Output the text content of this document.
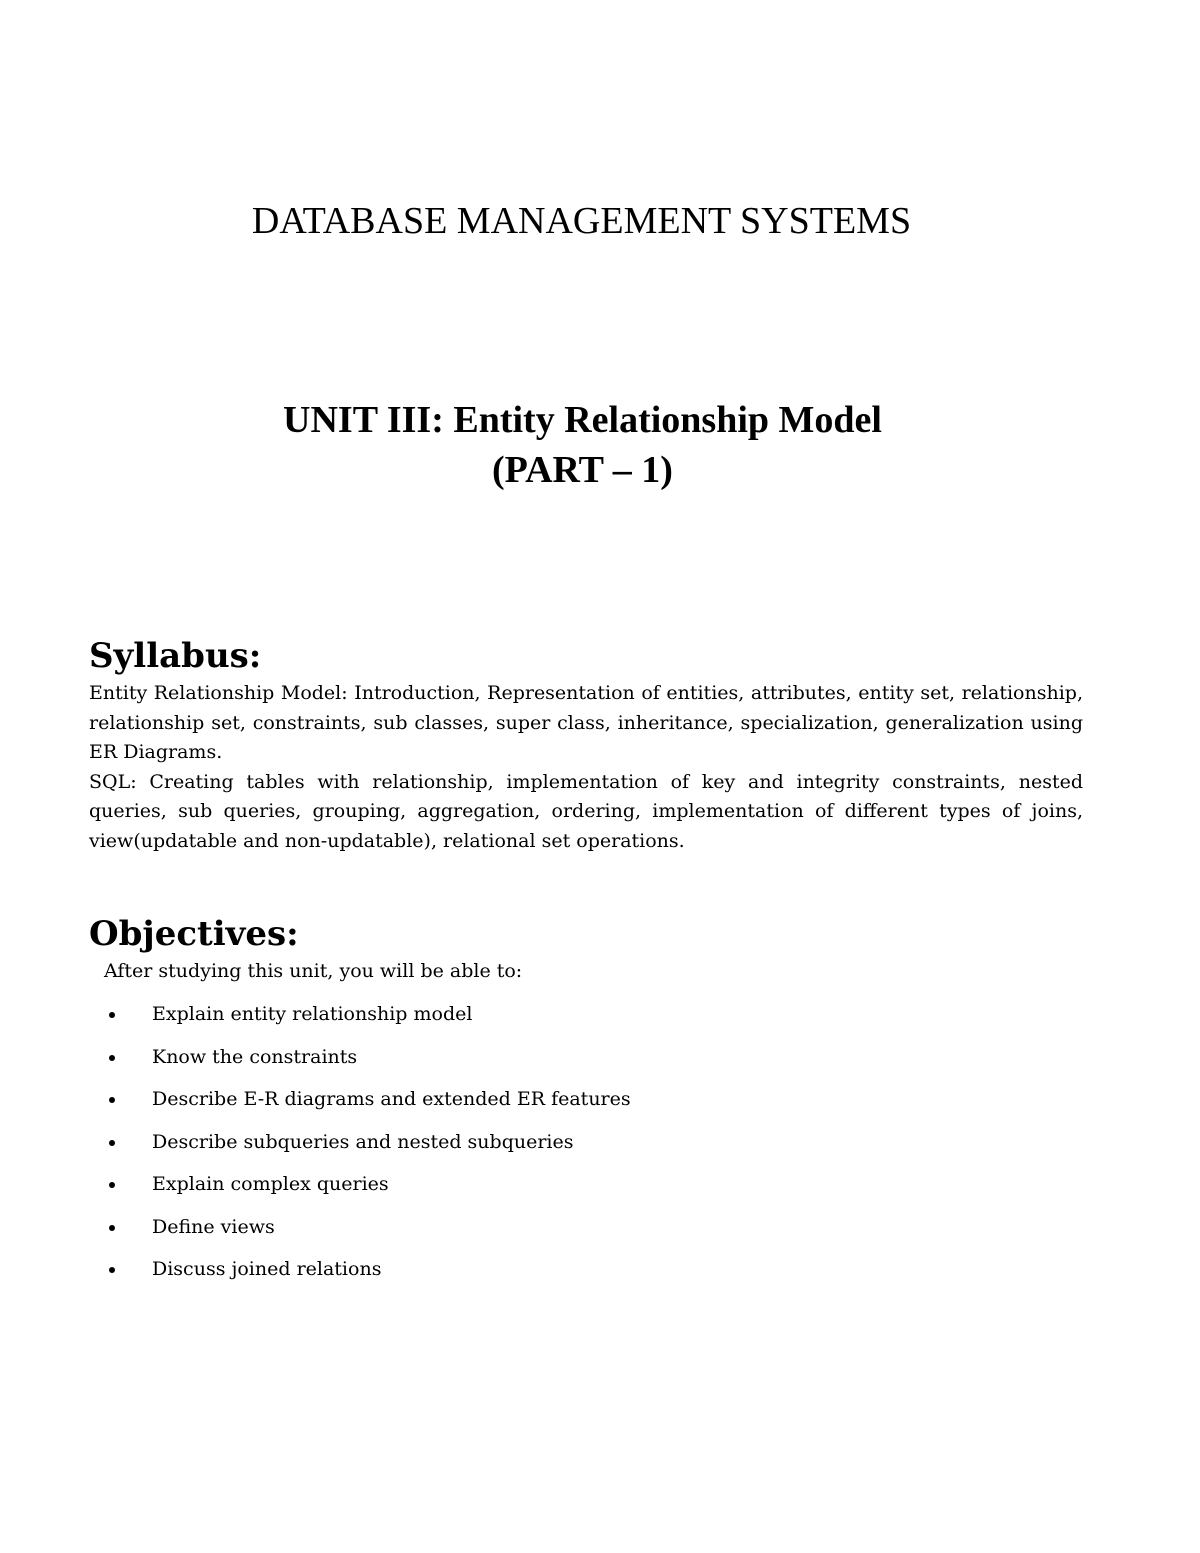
DATABASE MANAGEMENT SYSTEMS
UNIT III: Entity Relationship Model
(PART – 1)
Syllabus:

Entity Relationship Model: Introduction, Representation of entities, attributes, entity set, relationship, relationship set, constraints, sub classes, super class, inheritance, specialization, generalization using ER Diagrams.

SQL: Creating tables with relationship, implementation of key and integrity constraints, nested queries, sub queries, grouping, aggregation, ordering, implementation of different types of joins, view(updatable and non-updatable), relational set operations.

Objectives:

After studying this unit, you will be able to:

Explain entity relationship model
Know the constraints
Describe E-R diagrams and extended ER features
Describe subqueries and nested subqueries
Explain complex queries
Define views
Discuss joined relations
